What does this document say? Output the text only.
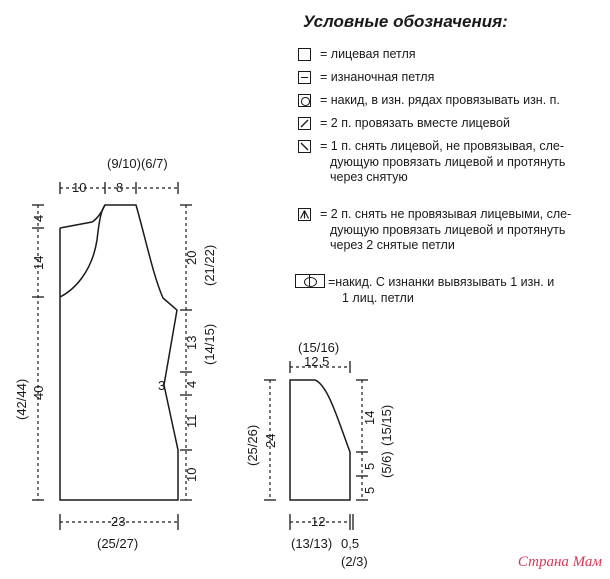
10 8
(9/10)(6/7)
23
(25/27)
3
4
14
(42/44) 40
20 (21/22)
13 (14/15)
4
11
10
(15/16)
12,5
12
(13/13) 0,5
(2/3)
(25/26) 24
14 (15/15)
5 (5/6)
5
Условные обозначения:
= лицевая петля
= изнаночная петля
= накид, в изн. рядах провязывать изн. п.
= 2 п. провязать вместе лицевой
= 1 п. снять лицевой, не провязывая, сле-
дующую провязать лицевой и протянуть
через снятую
= 2 п. снять не провязывая лицевыми, сле-
дующую провязать лицевой и протянуть
через 2 снятые петли
=накид. С изнанки вывязывать 1 изн. и
1 лиц. петли
Страна Мам
